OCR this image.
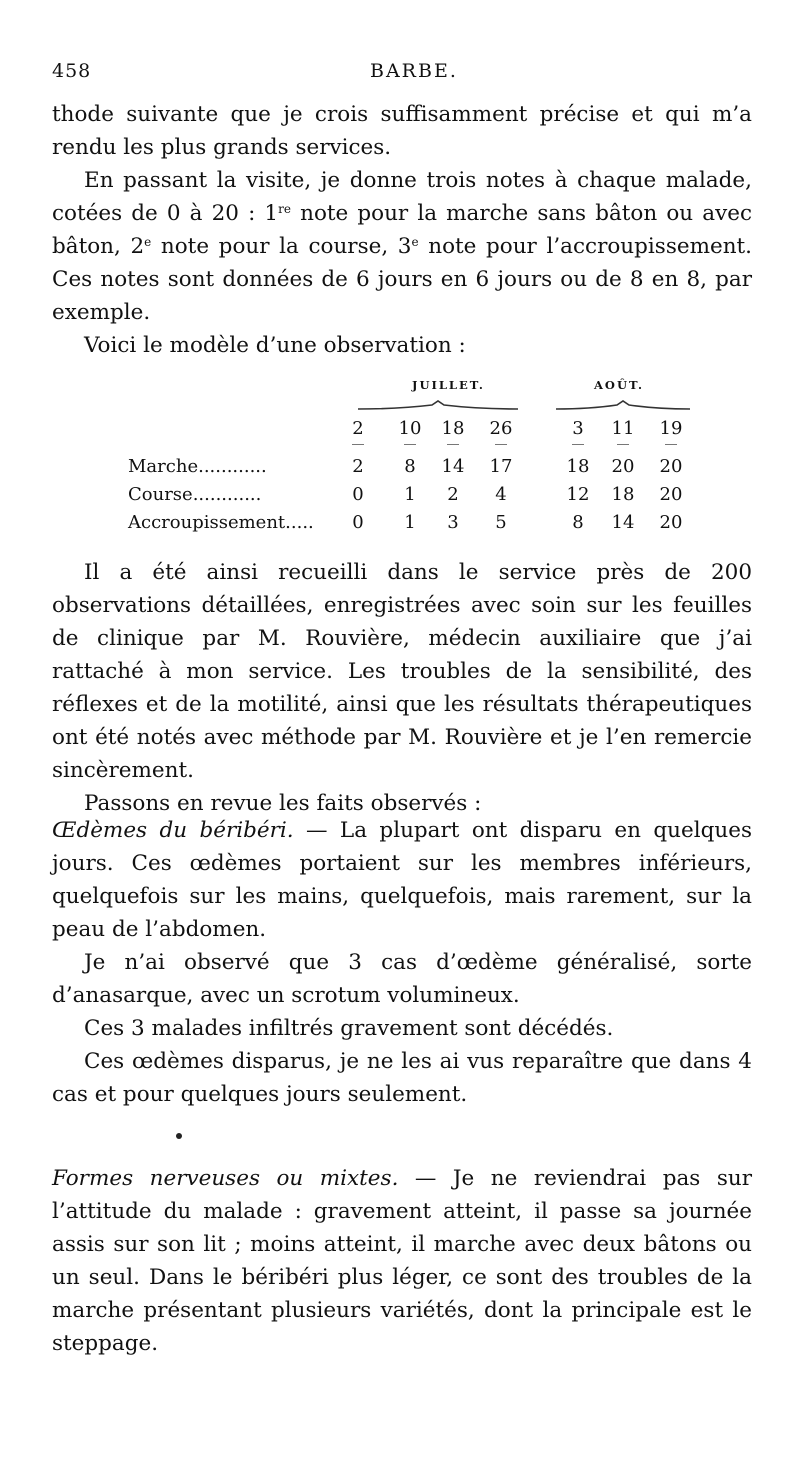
458	BARBE.

thode suivante que je crois suffisamment précise et qui m’a rendu les plus grands services.

En passant la visite, je donne trois notes à chaque malade, cotées de 0 à 20 : 1re note pour la marche sans bâton ou avec bâton, 2e note pour la course, 3e note pour l’accroupissement. Ces notes sont données de 6 jours en 6 jours ou de 8 en 8, par exemple.

Voici le modèle d’une observation :

JUILLET.	AOÛT.
2	10	18	26	3	11	19
Marche............	2	8	14	17	18	20	20
Course............	0	1	2	4	12	18	20
Accroupissement.....	0	1	3	5	8	14	20

Il a été ainsi recueilli dans le service près de 200 observations détaillées, enregistrées avec soin sur les feuilles de clinique par M. Rouvière, médecin auxiliaire que j’ai rattaché à mon service. Les troubles de la sensibilité, des réflexes et de la motilité, ainsi que les résultats thérapeutiques ont été notés avec méthode par M. Rouvière et je l’en remercie sincèrement.

Passons en revue les faits observés :

Œdèmes du béribéri. — La plupart ont disparu en quelques jours. Ces œdèmes portaient sur les membres inférieurs, quelquefois sur les mains, quelquefois, mais rarement, sur la peau de l’abdomen.

Je n’ai observé que 3 cas d’œdème généralisé, sorte d’anasarque, avec un scrotum volumineux.

Ces 3 malades infiltrés gravement sont décédés.

Ces œdèmes disparus, je ne les ai vus reparaître que dans 4 cas et pour quelques jours seulement.

Formes nerveuses ou mixtes. — Je ne reviendrai pas sur l’attitude du malade : gravement atteint, il passe sa journée assis sur son lit ; moins atteint, il marche avec deux bâtons ou un seul. Dans le béribéri plus léger, ce sont des troubles de la marche présentant plusieurs variétés, dont la principale est le steppage.
